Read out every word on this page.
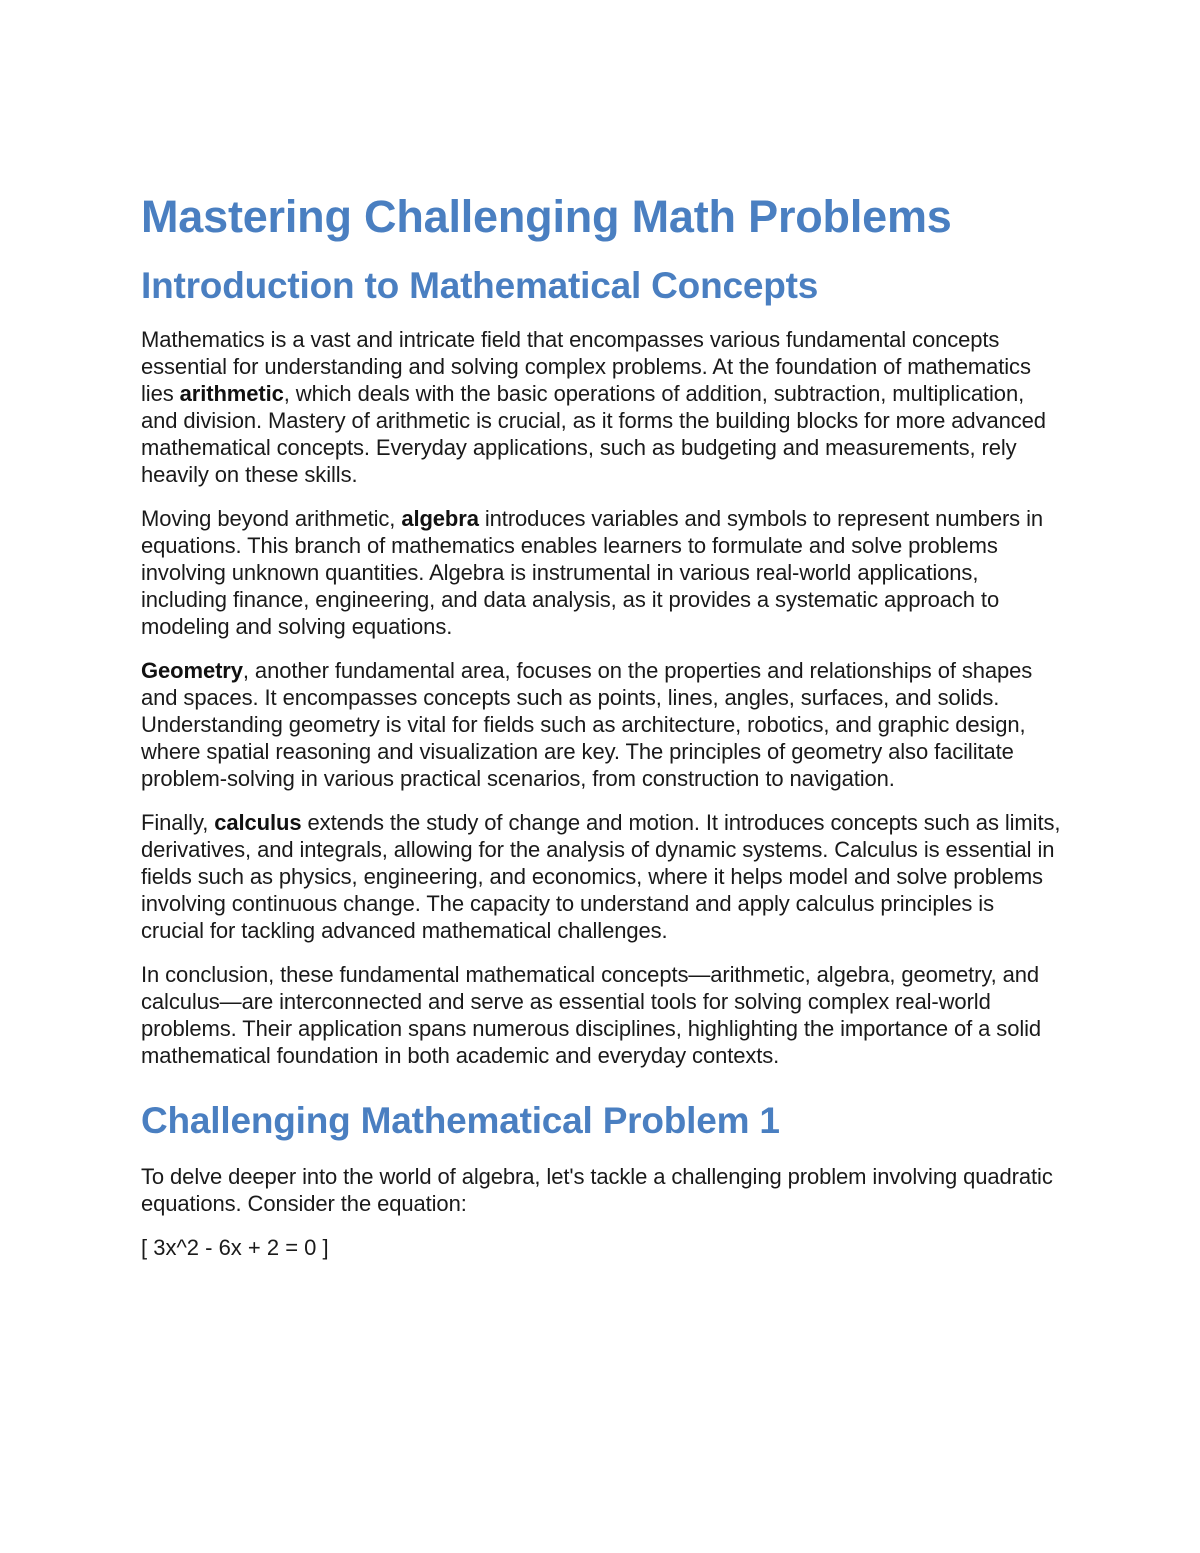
Mastering Challenging Math Problems
Introduction to Mathematical Concepts

Mathematics is a vast and intricate field that encompasses various fundamental concepts essential for understanding and solving complex problems. At the foundation of mathematics lies arithmetic, which deals with the basic operations of addition, subtraction, multiplication, and division. Mastery of arithmetic is crucial, as it forms the building blocks for more advanced mathematical concepts. Everyday applications, such as budgeting and measurements, rely heavily on these skills.

Moving beyond arithmetic, algebra introduces variables and symbols to represent numbers in equations. This branch of mathematics enables learners to formulate and solve problems involving unknown quantities. Algebra is instrumental in various real-world applications, including finance, engineering, and data analysis, as it provides a systematic approach to modeling and solving equations.

Geometry, another fundamental area, focuses on the properties and relationships of shapes and spaces. It encompasses concepts such as points, lines, angles, surfaces, and solids. Understanding geometry is vital for fields such as architecture, robotics, and graphic design, where spatial reasoning and visualization are key. The principles of geometry also facilitate problem-solving in various practical scenarios, from construction to navigation.

Finally, calculus extends the study of change and motion. It introduces concepts such as limits, derivatives, and integrals, allowing for the analysis of dynamic systems. Calculus is essential in fields such as physics, engineering, and economics, where it helps model and solve problems involving continuous change. The capacity to understand and apply calculus principles is crucial for tackling advanced mathematical challenges.

In conclusion, these fundamental mathematical concepts—arithmetic, algebra, geometry, and calculus—are interconnected and serve as essential tools for solving complex real-world problems. Their application spans numerous disciplines, highlighting the importance of a solid mathematical foundation in both academic and everyday contexts.

Challenging Mathematical Problem 1

To delve deeper into the world of algebra, let's tackle a challenging problem involving quadratic equations. Consider the equation:

[ 3x^2 - 6x + 2 = 0 ]
